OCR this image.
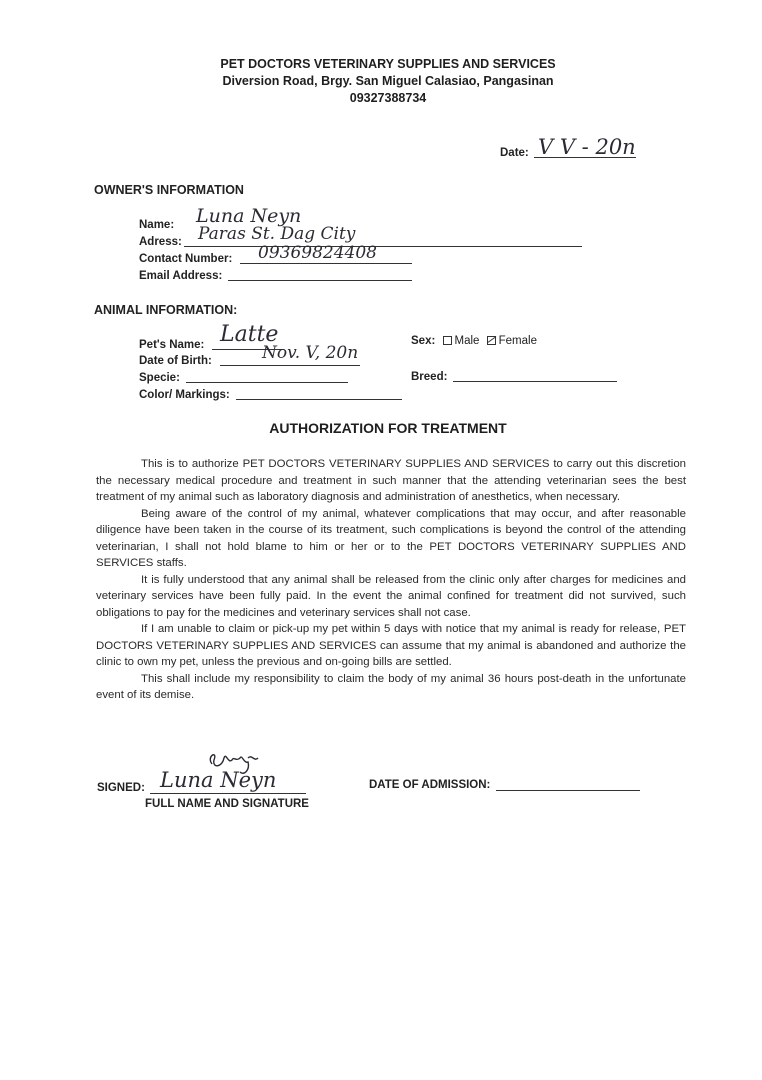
PET DOCTORS VETERINARY SUPPLIES AND SERVICES
Diversion Road, Brgy. San Miguel Calasiao, Pangasinan
09327388734
Date: V V - 20n
OWNER'S INFORMATION
Name: Luna Neyn
Adress: Paras St. Dag City
Contact Number: 09369824408
Email Address:
ANIMAL INFORMATION:
Pet's Name: Latte
Date of Birth:	Nov. V, 20n
Specie:
Color/ Markings:
Sex: Male Female
Breed:
AUTHORIZATION FOR TREATMENT

This is to authorize PET DOCTORS VETERINARY SUPPLIES AND SERVICES to carry out this discretion the necessary medical procedure and treatment in such manner that the attending veterinarian sees the best treatment of my animal such as laboratory diagnosis and administration of anesthetics, when necessary.

Being aware of the control of my animal, whatever complications that may occur, and after reasonable diligence have been taken in the course of its treatment, such complications is beyond the control of the attending veterinarian, I shall not hold blame to him or her or to the PET DOCTORS VETERINARY SUPPLIES AND SERVICES staffs.

It is fully understood that any animal shall be released from the clinic only after charges for medicines and veterinary services have been fully paid. In the event the animal confined for treatment did not survived, such obligations to pay for the medicines and veterinary services shall not case.

If I am unable to claim or pick-up my pet within 5 days with notice that my animal is ready for release, PET DOCTORS VETERINARY SUPPLIES AND SERVICES can assume that my animal is abandoned and authorize the clinic to own my pet, unless the previous and on-going bills are settled.

This shall include my responsibility to claim the body of my animal 36 hours post-death in the unfortunate event of its demise.

SIGNED: Luna Neyn
FULL NAME AND SIGNATURE
DATE OF ADMISSION:
